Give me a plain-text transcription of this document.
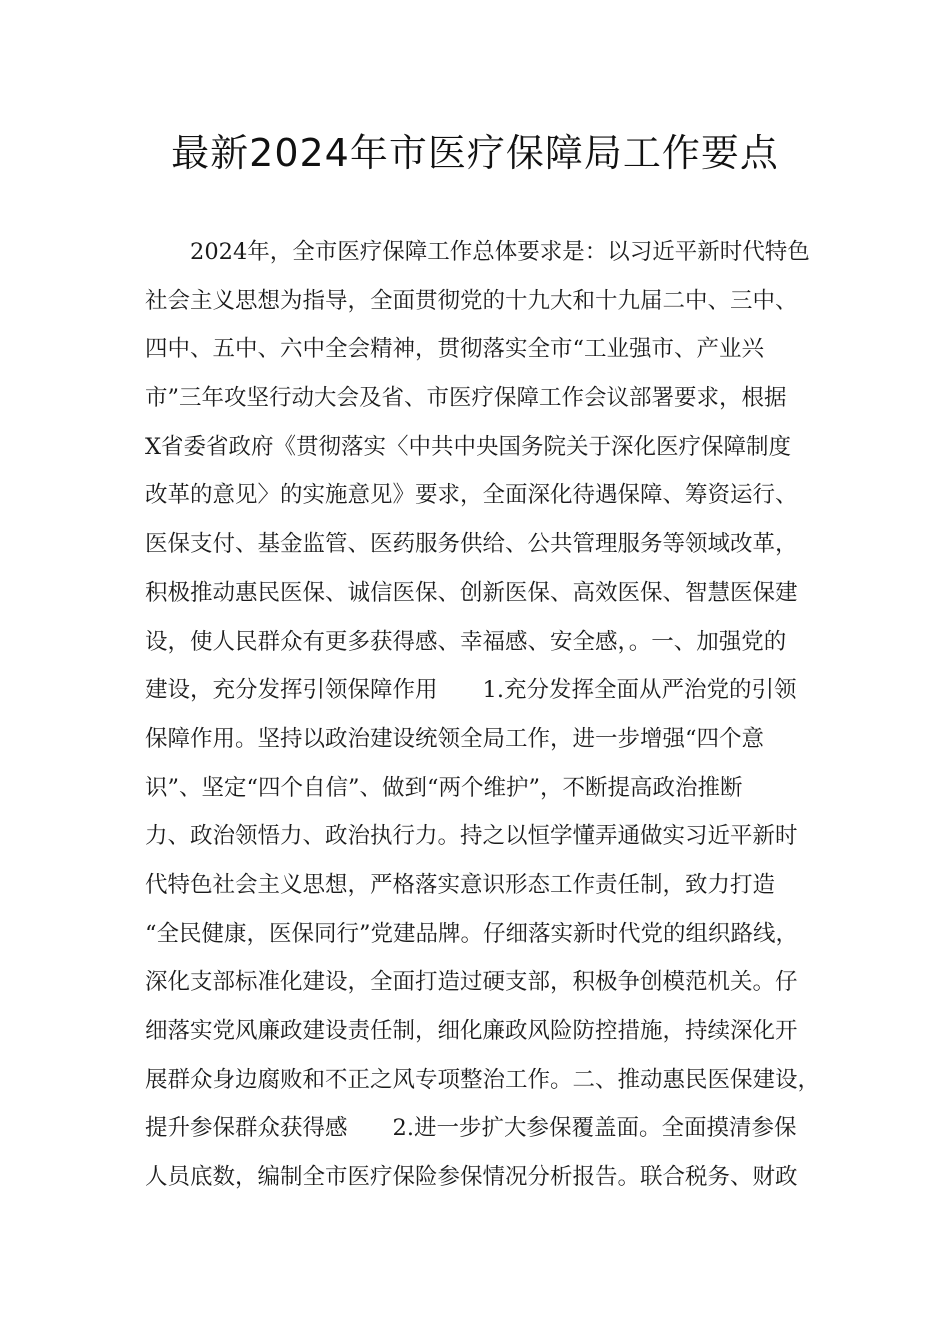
最新2024年市医疗保障局工作要点
2024年，全市医疗保障工作总体要求是：以习近平新时代特色
社会主义思想为指导，全面贯彻党的十九大和十九届二中、三中、
四中、五中、六中全会精神，贯彻落实全市“工业强市、产业兴
市”三年攻坚行动大会及省、市医疗保障工作会议部署要求，根据
X省委省政府《贯彻落实〈中共中央国务院关于深化医疗保障制度
改革的意见〉的实施意见》要求，全面深化待遇保障、筹资运行、
医保支付、基金监管、医药服务供给、公共管理服务等领域改革，
积极推动惠民医保、诚信医保、创新医保、高效医保、智慧医保建
设，使人民群众有更多获得感、幸福感、安全感，。一、加强党的
建设，充分发挥引领保障作用　　1.充分发挥全面从严治党的引领
保障作用。坚持以政治建设统领全局工作，进一步增强“四个意
识”、坚定“四个自信”、做到“两个维护”，不断提高政治推断
力、政治领悟力、政治执行力。持之以恒学懂弄通做实习近平新时
代特色社会主义思想，严格落实意识形态工作责任制，致力打造
“全民健康，医保同行”党建品牌。仔细落实新时代党的组织路线，
深化支部标准化建设，全面打造过硬支部，积极争创模范机关。仔
细落实党风廉政建设责任制，细化廉政风险防控措施，持续深化开
展群众身边腐败和不正之风专项整治工作。二、推动惠民医保建设，
提升参保群众获得感　　2.进一步扩大参保覆盖面。全面摸清参保
人员底数，编制全市医疗保险参保情况分析报告。联合税务、财政
